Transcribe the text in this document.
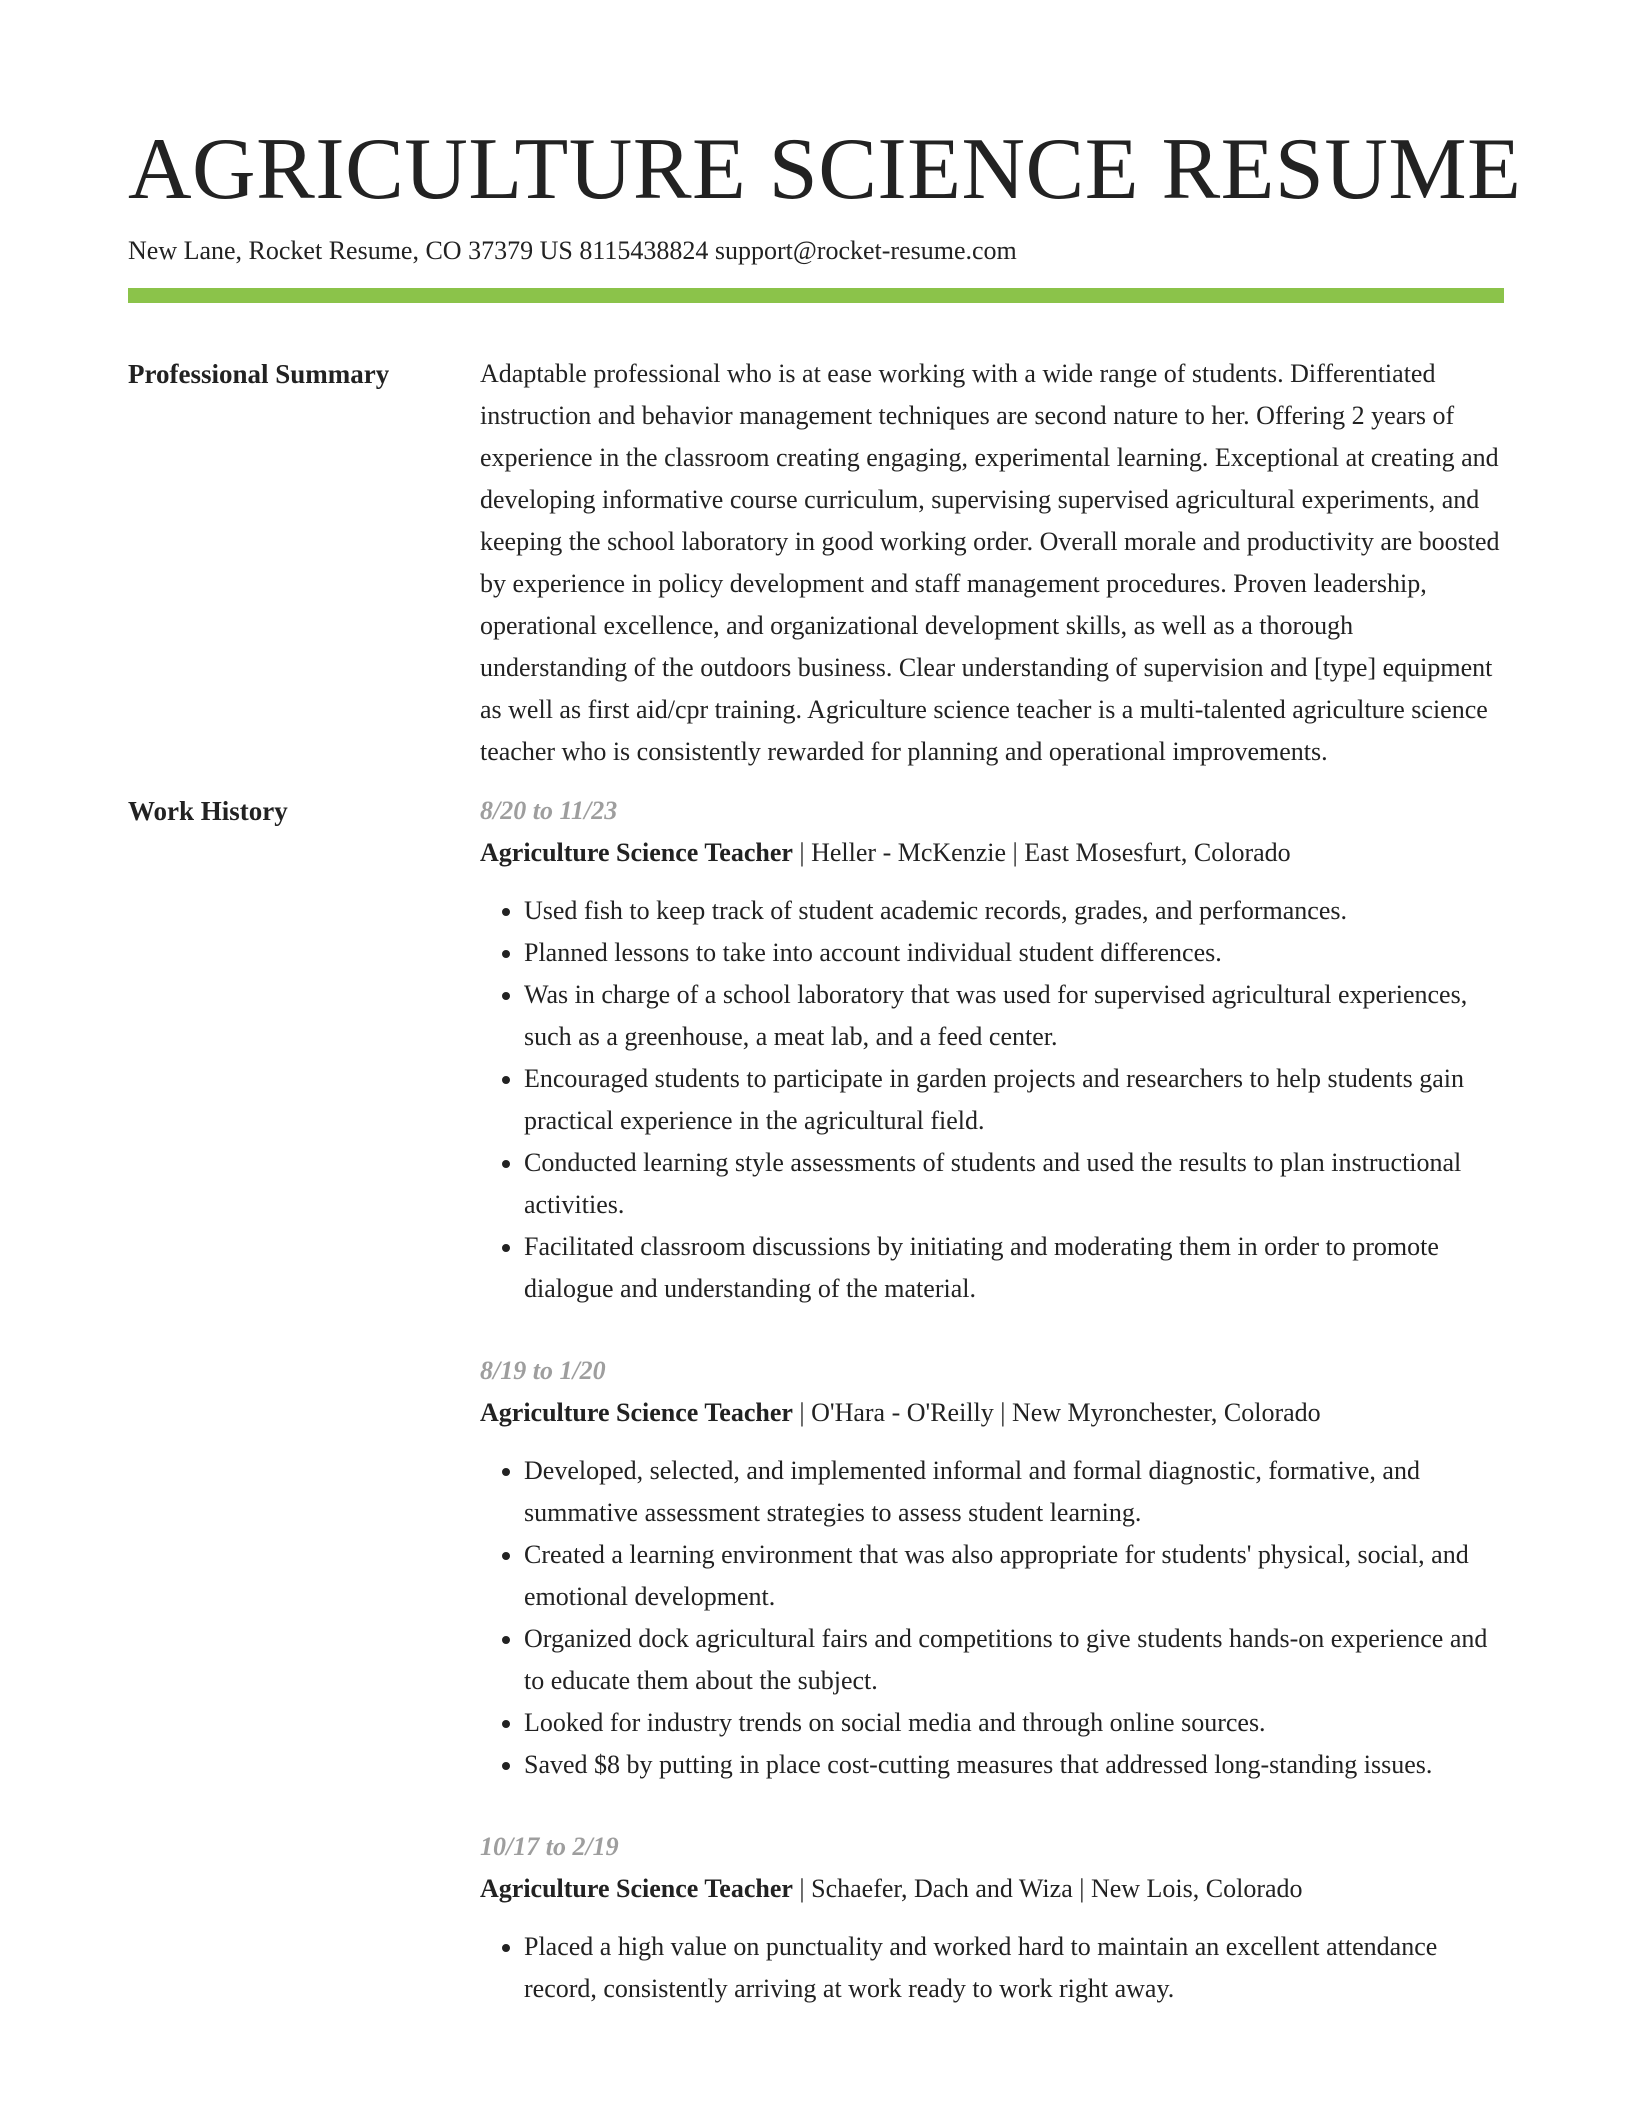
AGRICULTURE SCIENCE RESUME
New Lane, Rocket Resume, CO 37379 US 8115438824 support@rocket-resume.com
Professional Summary	Adaptable professional who is at ease working with a wide range of students. Differentiated instruction and behavior management techniques are second nature to her. Offering 2 years of experience in the classroom creating engaging, experimental learning. Exceptional at creating and developing informative course curriculum, supervising supervised agricultural experiments, and keeping the school laboratory in good working order. Overall morale and productivity are boosted by experience in policy development and staff management procedures. Proven leadership, operational excellence, and organizational development skills, as well as a thorough understanding of the outdoors business. Clear understanding of supervision and [type] equipment as well as first aid/cpr training. Agriculture science teacher is a multi-talented agriculture science teacher who is consistently rewarded for planning and operational improvements.

Work History	8/20 to 11/23
Agriculture Science Teacher | Heller - McKenzie | East Mosesfurt, Colorado
• Used fish to keep track of student academic records, grades, and performances.
• Planned lessons to take into account individual student differences.
• Was in charge of a school laboratory that was used for supervised agricultural experiences, such as a greenhouse, a meat lab, and a feed center.
• Encouraged students to participate in garden projects and researchers to help students gain practical experience in the agricultural field.
• Conducted learning style assessments of students and used the results to plan instructional activities.
• Facilitated classroom discussions by initiating and moderating them in order to promote dialogue and understanding of the material.
8/19 to 1/20
Agriculture Science Teacher | O'Hara - O'Reilly | New Myronchester, Colorado
• Developed, selected, and implemented informal and formal diagnostic, formative, and summative assessment strategies to assess student learning.
• Created a learning environment that was also appropriate for students' physical, social, and emotional development.
• Organized dock agricultural fairs and competitions to give students hands-on experience and to educate them about the subject.
• Looked for industry trends on social media and through online sources.
• Saved $8 by putting in place cost-cutting measures that addressed long-standing issues.
10/17 to 2/19
Agriculture Science Teacher | Schaefer, Dach and Wiza | New Lois, Colorado
• Placed a high value on punctuality and worked hard to maintain an excellent attendance record, consistently arriving at work ready to work right away.
